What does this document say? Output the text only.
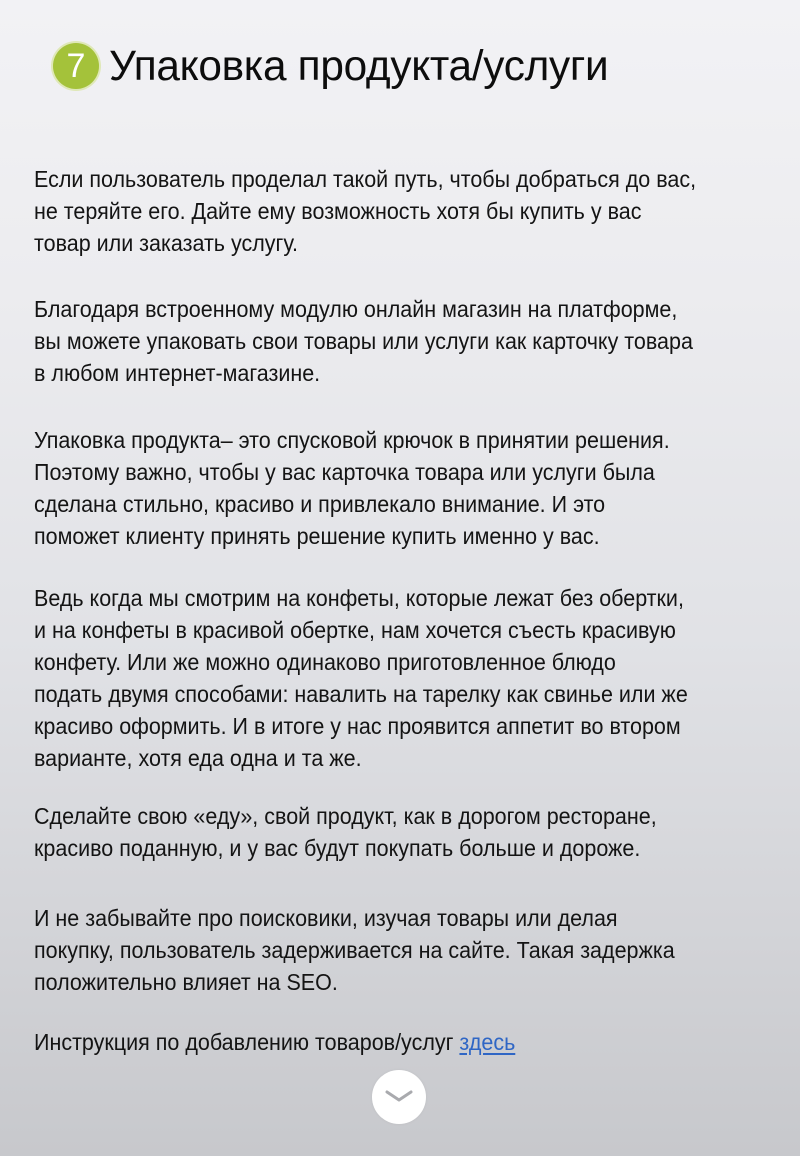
7 Упаковка продукта/услуги

Если пользователь проделал такой путь, чтобы добраться до вас,
не теряйте его. Дайте ему возможность хотя бы купить у вас
товар или заказать услугу.

Благодаря встроенному модулю онлайн магазин на платформе,
вы можете упаковать свои товары или услуги как карточку товара
в любом интернет-магазине.

Упаковка продукта– это спусковой крючок в принятии решения.
Поэтому важно, чтобы у вас карточка товара или услуги была
сделана стильно, красиво и привлекало внимание. И это
поможет клиенту принять решение купить именно у вас.

Ведь когда мы смотрим на конфеты, которые лежат без обертки,
и на конфеты в красивой обертке, нам хочется съесть красивую
конфету. Или же можно одинаково приготовленное блюдо
подать двумя способами: навалить на тарелку как свинье или же
красиво оформить. И в итоге у нас проявится аппетит во втором
варианте, хотя еда одна и та же.

Сделайте свою «еду», свой продукт, как в дорогом ресторане,
красиво поданную, и у вас будут покупать больше и дороже.

И не забывайте про поисковики, изучая товары или делая
покупку, пользователь задерживается на сайте. Такая задержка
положительно влияет на SEO.

Инструкция по добавлению товаров/услуг здесь
